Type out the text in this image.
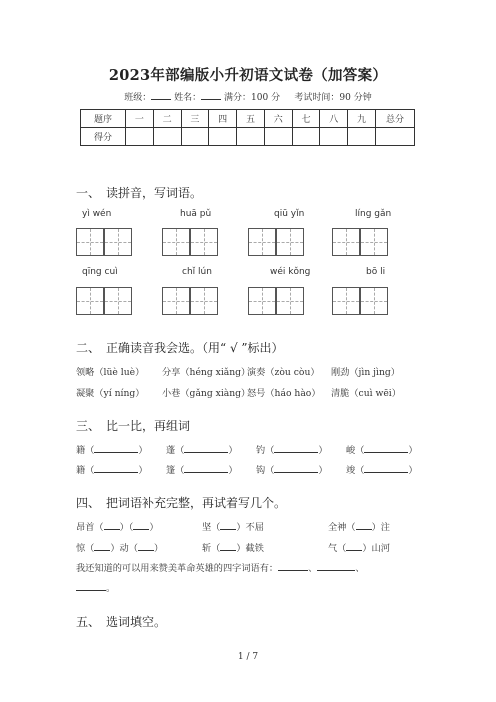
2023年部编版小升初语文试卷（加答案）
班级：	姓名：	满分：100 分 考试时间：90 分钟
题序	一	二	三	四	五	六	七	八	九	总分
得分										
一、 读拼音，写词语。
yì wén	huā pǔ	qiū yǐn	líng gǎn
qīng cuì	chǐ lún	wéi kǒng	bō li
二、 正确读音我会选。（用“ √ ”标出）
领略（lüè luè） 分享（héng xiǎng）演奏（zòu còu） 刚劲（jìn jìng）
凝聚（yí níng） 小巷（gǎng xiàng）怒号（háo hào） 清脆（cuì wēi）
三、 比一比，再组词
籍（	） 蓬（	） 钓（	） 峻（	）
籍（	） 篷（	） 钩（	） 竣（	）
四、 把词语补充完整，再试着写几个。
昂首（ ）（ ）	坚（ ）不屈	全神（ ）注
惊（ ）动（ ）	斩（ ）截铁	气（ ）山河
我还知道的可以用来赞美革命英雄的四字词语有：	、	、
。
五、 选词填空。
1 / 7
